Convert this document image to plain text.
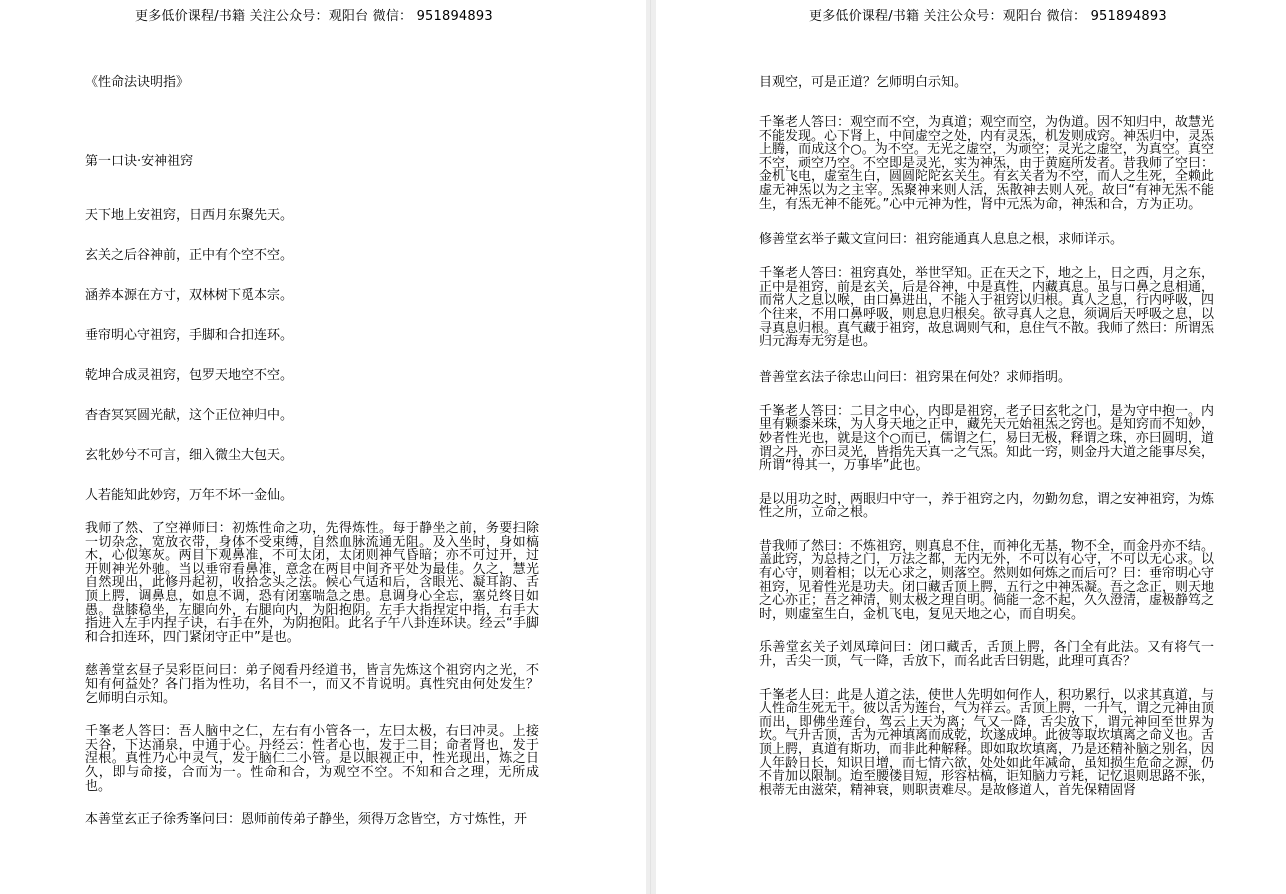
更多低价课程/书籍 关注公众号：观阳台 微信： 951894893
《性命法诀明指》
第一口诀·安神祖窍
天下地上安祖窍，日西月东聚先天。
玄关之后谷神前，正中有个空不空。
涵养本源在方寸，双林树下觅本宗。
垂帘明心守祖窍，手脚和合扣连环。
乾坤合成灵祖窍，包罗天地空不空。
杳杳冥冥圆光献，这个正位神归中。
玄牝妙兮不可言，细入微尘大包天。
人若能知此妙窍，万年不坏一金仙。
我师了然、了空禅师曰：初炼性命之功，先得炼性。每于静坐之前，务要扫除一切杂念，宽放衣带，身体不受束缚，自然血脉流通无阻。及入坐时，身如槁木，心似寒灰。两目下观鼻准，不可太闭，太闭则神气昏暗；亦不可过开，过开则神光外驰。当以垂帘看鼻准，意念在两目中间齐平处为最佳。久之，慧光自然现出，此修丹起初，收拾念头之法。候心气适和后，含眼光、凝耳韵、舌顶上腭，调鼻息，如息不调，恐有闭塞喘急之患。息调身心全忘，塞兑终日如愚。盘膝稳坐，左腿向外，右腿向内，为阳抱阴。左手大指捏定中指，右手大指进入左手内捏子诀，右手在外，为阴抱阳。此名子午八卦连环诀。经云“手脚和合扣连环，四门紧闭守正中”是也。
慈善堂玄昼子吴彩臣问曰：弟子阅看丹经道书，皆言先炼这个祖窍内之光，不知有何益处？各门指为性功，名目不一，而又不肯说明。真性究由何处发生？乞师明白示知。
千峯老人答曰：吾人脑中之仁，左右有小管各一，左曰太极，右曰冲灵。上接天谷，下达涌泉，中通于心。丹经云：性者心也，发于二目；命者肾也，发于涅根。真性乃心中灵气，发于脑仁二小管。是以眼视正中，性光现出，炼之日久，即与命接，合而为一。性命和合，为观空不空。不知和合之理，无所成也。
本善堂玄正子徐秀峯问曰：恩师前传弟子静坐，须得万念皆空，方寸炼性，开
更多低价课程/书籍 关注公众号：观阳台 微信： 951894893
目观空，可是正道？乞师明白示知。
千峯老人答曰：观空而不空，为真道；观空而空，为伪道。因不知归中，故慧光不能发现。心下肾上，中间虚空之处，内有灵炁，机发则成窍。神炁归中，灵炁上腾，而成这个○。为不空。无光之虚空，为顽空；灵光之虚空，为真空。真空不空，顽空乃空。不空即是灵光，实为神炁，由于黄庭所发者。昔我师了空曰：金机飞电，虚室生白，圆圆陀陀玄关生。有玄关者为不空，而人之生死，全赖此虚无神炁以为之主宰。炁聚神来则人活，炁散神去则人死。故曰“有神无炁不能生，有炁无神不能死。”心中元神为性，肾中元炁为命，神炁和合，方为正功。
修善堂玄举子戴文宣问曰：祖窍能通真人息息之根，求师详示。
千峯老人答曰：祖窍真处，举世罕知。正在天之下，地之上，日之西，月之东，正中是祖窍，前是玄关，后是谷神，中是真性，内藏真息。虽与口鼻之息相通，而常人之息以喉，由口鼻进出，不能入于祖窍以归根。真人之息，行内呼吸，四个往来，不用口鼻呼吸，则息息归根矣。欲寻真人之息，须调后天呼吸之息，以寻真息归根。真气藏于祖窍，故息调则气和，息住气不散。我师了然曰：所谓炁归元海寿无穷是也。
普善堂玄法子徐忠山问曰：祖窍果在何处？求师指明。
千峯老人答曰：二目之中心，内即是祖窍，老子曰玄牝之门，是为守中抱一。内里有颗黍米珠，为人身天地之正中，藏先天元始祖炁之窍也。是知窍而不知妙，妙者性光也，就是这个○而已，儒谓之仁，易曰无极，释谓之珠，亦曰圆明，道谓之丹，亦曰灵光，皆指先天真一之气炁。知此一窍，则金丹大道之能事尽矣，所谓“得其一，万事毕”此也。
是以用功之时，两眼归中守一，养于祖窍之内，勿勤勿怠，谓之安神祖窍，为炼性之所，立命之根。
昔我师了然曰：不炼祖窍，则真息不住，而神化无基，物不全，而金丹亦不结。盖此窍，为总持之门，万法之都，无内无外，不可以有心守，不可以无心求。以有心守，则着相；以无心求之，则落空。然则如何炼之而后可？曰：垂帘明心守祖窍，见着性光是功夫。闭口藏舌顶上腭，五行之中神炁凝。吾之念正，则天地之心亦正；吾之神清，则太极之理自明。倘能一念不起，久久澄清，虚极静笃之时，则虚室生白，金机飞电，复见天地之心，而自明矣。
乐善堂玄关子刘凤璋问曰：闭口藏舌，舌顶上腭，各门全有此法。又有将气一升，舌尖一顶，气一降，舌放下，而名此舌曰钥匙，此理可真否？
千峯老人曰：此是人道之法，使世人先明如何作人，积功累行，以求其真道，与人性命生死无干。彼以舌为莲台，气为祥云。舌顶上腭，一升气，谓之元神由顶而出，即佛坐莲台，驾云上天为离；气又一降，舌尖放下，谓元神回至世界为坎。气升舌顶，舌为元神填离而成乾，坎遂成坤。此彼等取坎填离之命义也。舌顶上腭，真道有斯功，而非此种解释。即如取坎填离，乃是还精补脑之别名，因人年龄日长，知识日增，而七情六欲，处处如此年减命，虽知损生危命之源，仍不肯加以限制。迨至腰偻目短，形容枯槁，讵知脑力亏耗，记忆退则思路不张，根蒂无由滋荣，精神衰，则职责难尽。是故修道人，首先保精固肾
